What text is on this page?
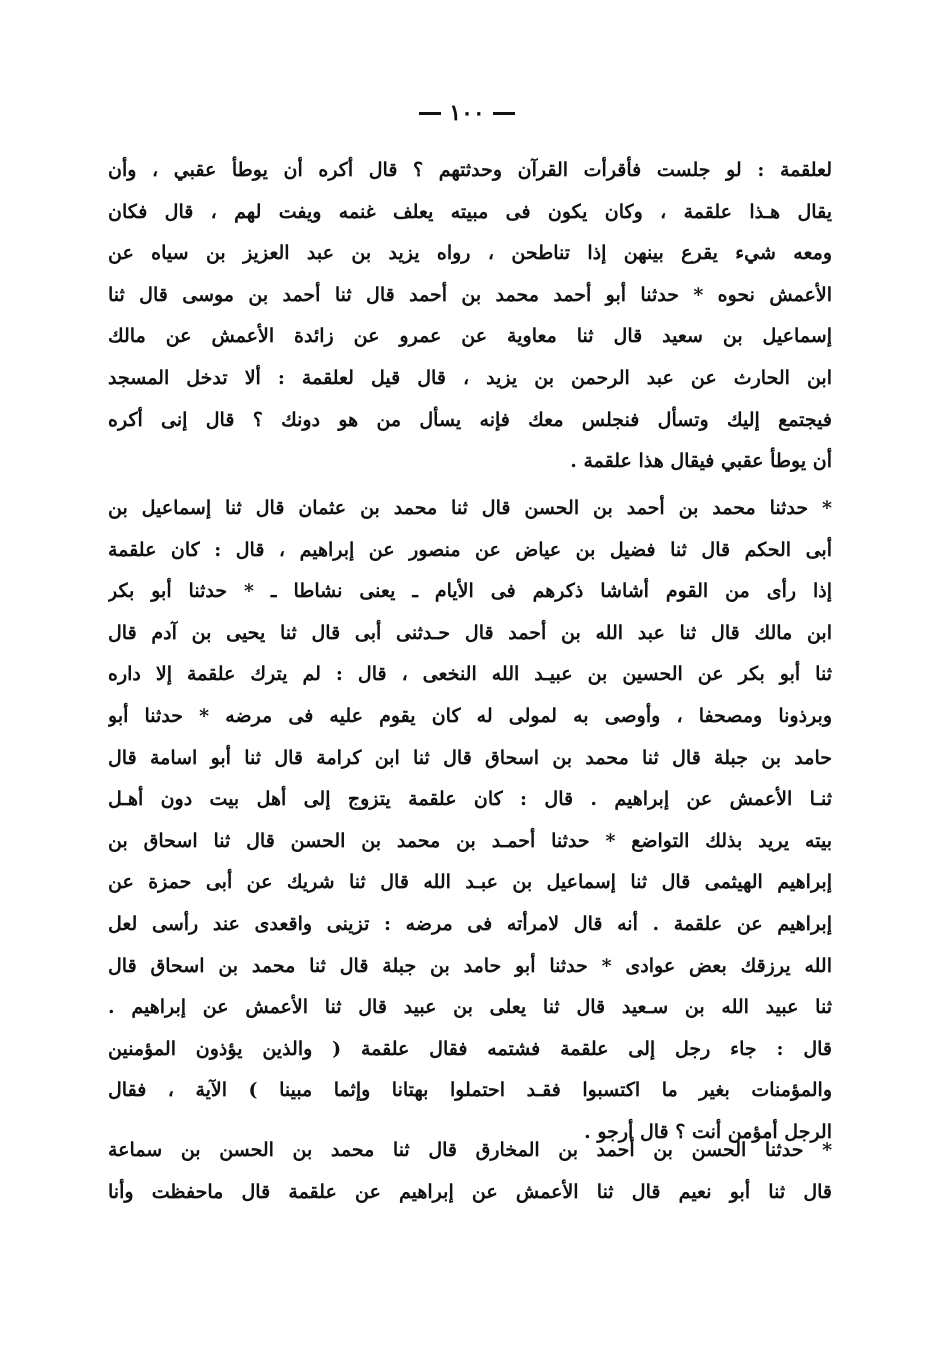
١٠٠
لعلقمة : لو جلست فأقرأت القرآن وحدثتهم ؟ قال أكره أن يوطأ عقبي ، وأن
يقال هـذا علقمة ، وكان يكون فى مبيته يعلف غنمه ويفت لهم ، قال فكان
ومعه شيء يقرع بينهن إذا تناطحن ، رواه يزيد بن عبد العزيز بن سياه عن
الأعمش نحوه * حدثنا أبو أحمد محمد بن أحمد قال ثنا أحمد بن موسى قال ثنا
إسماعيل بن سعيد قال ثنا معاوية عن عمرو عن زائدة الأعمش عن مالك
ابن الحارث عن عبد الرحمن بن يزيد ، قال قيل لعلقمة : ألا تدخل المسجد
فيجتمع إليك وتسأل فنجلس معك فإنه يسأل من هو دونك ؟ قال إنى أكره
أن يوطأ عقبي فيقال هذا علقمة .
* حدثنا محمد بن أحمد بن الحسن قال ثنا محمد بن عثمان قال ثنا إسماعيل بن
أبى الحكم قال ثنا فضيل بن عياض عن منصور عن إبراهيم ، قال : كان علقمة
إذا رأى من القوم أشاشا ذكرهم فى الأيام ـ يعنى نشاطا ـ * حدثنا أبو بكر
ابن مالك قال ثنا عبد الله بن أحمد قال حـدثنى أبى قال ثنا يحيى بن آدم قال
ثنا أبو بكر عن الحسين بن عبيـد الله النخعى ، قال : لم يترك علقمة إلا داره
وبرذونا ومصحفا ، وأوصى به لمولى له كان يقوم عليه فى مرضه * حدثنا أبو
حامد بن جبلة قال ثنا محمد بن اسحاق قال ثنا ابن كرامة قال ثنا أبو اسامة قال
ثنـا الأعمش عن إبراهيم . قال : كان علقمة يتزوج إلى أهل بيت دون أهـل
بيته يريد بذلك التواضع * حدثنا أحمـد بن محمد بن الحسن قال ثنا اسحاق بن
إبراهيم الهيثمى قال ثنا إسماعيل بن عبـد الله قال ثنا شريك عن أبى حمزة عن
إبراهيم عن علقمة . أنه قال لامرأته فى مرضه : تزينى واقعدى عند رأسى لعل
الله يرزقك بعض عوادى * حدثنا أبو حامد بن جبلة قال ثنا محمد بن اسحاق قال
ثنا عبيد الله بن سـعيد قال ثنا يعلى بن عبيد قال ثنا الأعمش عن إبراهيم .
قال : جاء رجل إلى علقمة فشتمه فقال علقمة ( والذين يؤذون المؤمنين
والمؤمنات بغير ما اكتسبوا فقـد احتملوا بهتانا وإثما مبينا ) الآية ، فقال
الرجل أمؤمن أنت ؟ قال أرجو .
* حدثنا الحسن بن أحمد بن المخارق قال ثنا محمد بن الحسن بن سماعة
قال ثنا أبو نعيم قال ثنا الأعمش عن إبراهيم عن علقمة قال ماحفظت وأنا
